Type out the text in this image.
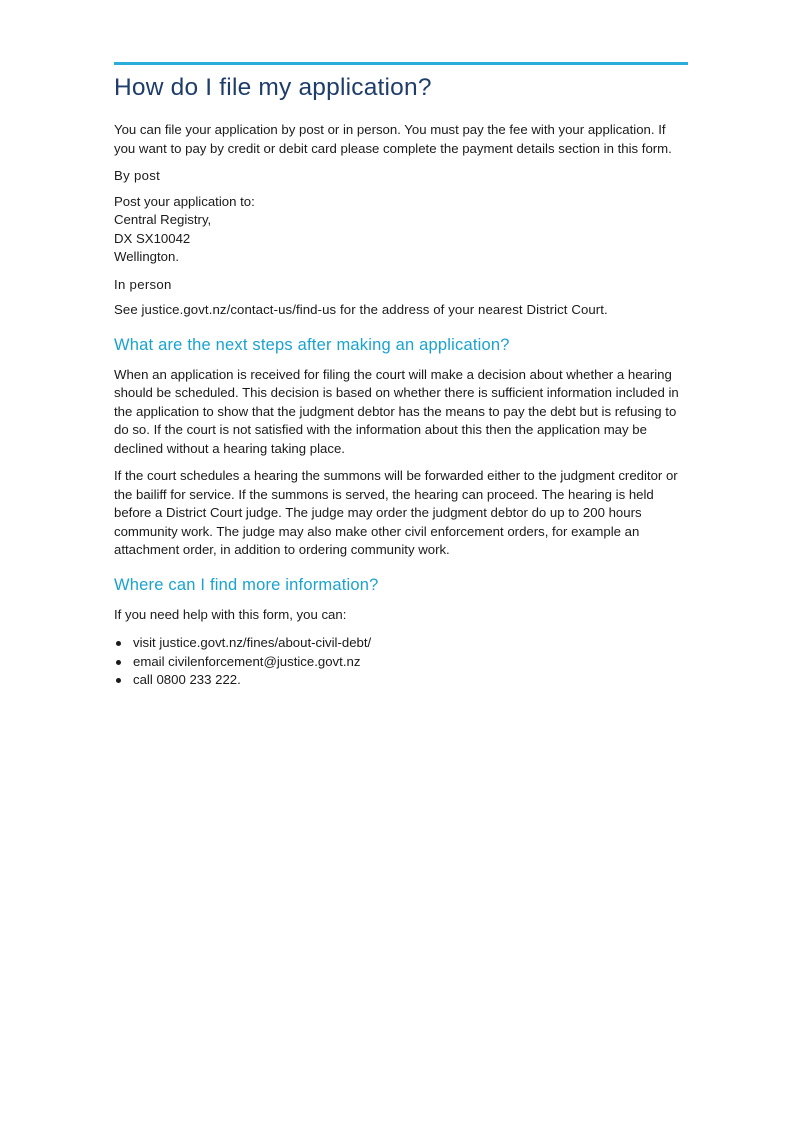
How do I file my application?

You can file your application by post or in person. You must pay the fee with your application. If you want to pay by credit or debit card please complete the payment details section in this form.

By post
Post your application to:
Central Registry,
DX SX10042
Wellington.
In person

See justice.govt.nz/contact-us/find-us for the address of your nearest District Court.

What are the next steps after making an application?

When an application is received for filing the court will make a decision about whether a hearing should be scheduled. This decision is based on whether there is sufficient information included in the application to show that the judgment debtor has the means to pay the debt but is refusing to do so. If the court is not satisfied with the information about this then the application may be declined without a hearing taking place.

If the court schedules a hearing the summons will be forwarded either to the judgment creditor or the bailiff for service. If the summons is served, the hearing can proceed. The hearing is held before a District Court judge. The judge may order the judgment debtor do up to 200 hours community work. The judge may also make other civil enforcement orders, for example an attachment order, in addition to ordering community work.

Where can I find more information?

If you need help with this form, you can:

visit justice.govt.nz/fines/about-civil-debt/
email civilenforcement@justice.govt.nz
call 0800 233 222.
